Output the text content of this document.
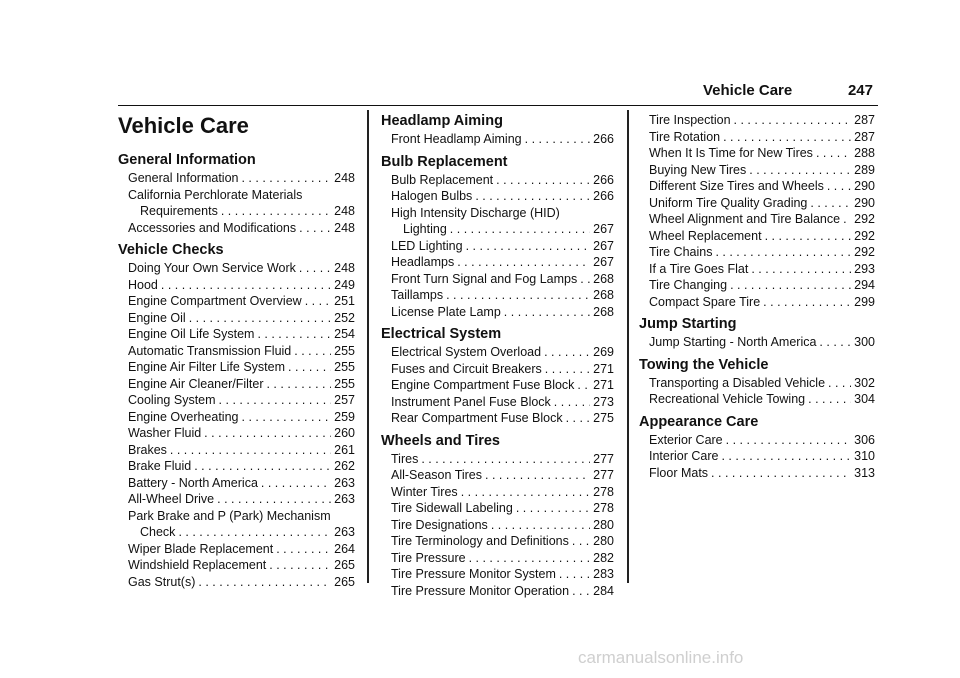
Vehicle Care	247
Vehicle Care
General Information
General Information . . .	248
California Perchlorate Materials
Requirements . . .	248
Accessories and Modifications . . .	248
Vehicle Checks
Doing Your Own Service Work . . .	248
Hood . . .	249
Engine Compartment Overview . . .	251
Engine Oil . . .	252
Engine Oil Life System . . .	254
Automatic Transmission Fluid . . .	255
Engine Air Filter Life System . . .	255
Engine Air Cleaner/Filter . . .	255
Cooling System . . .	257
Engine Overheating . . .	259
Washer Fluid . . .	260
Brakes . . .	261
Brake Fluid . . .	262
Battery - North America . . .	263
All-Wheel Drive . . .	263
Park Brake and P (Park) Mechanism
Check . . .	263
Wiper Blade Replacement . . .	264
Windshield Replacement . . .	265
Gas Strut(s) . . .	265
Headlamp Aiming
Front Headlamp Aiming . . .	266
Bulb Replacement
Bulb Replacement . . .	266
Halogen Bulbs . . .	266
High Intensity Discharge (HID)
Lighting . . .	267
LED Lighting . . .	267
Headlamps . . .	267
Front Turn Signal and Fog Lamps . . . 268
Taillamps . . .	268
License Plate Lamp . . .	268
Electrical System
Electrical System Overload . . .	269
Fuses and Circuit Breakers . . .	271
Engine Compartment Fuse Block . . . 271
Instrument Panel Fuse Block . . .	273
Rear Compartment Fuse Block . . . 275
Wheels and Tires
Tires . . .	277
All-Season Tires . . .	277
Winter Tires . . .	278
Tire Sidewall Labeling . . .	278
Tire Designations . . .	280
Tire Terminology and Definitions . . . 280
Tire Pressure . . .	282
Tire Pressure Monitor System . . .	283
Tire Pressure Monitor Operation . . . 284
Tire Inspection . . .	287
Tire Rotation . . .	287
When It Is Time for New Tires . . .	288
Buying New Tires . . .	289
Different Size Tires and Wheels . . . 290
Uniform Tire Quality Grading . . .	290
Wheel Alignment and Tire Balance . . . 292
Wheel Replacement . . .	292
Tire Chains . . .	292
If a Tire Goes Flat . . .	293
Tire Changing . . .	294
Compact Spare Tire . . .	299
Jump Starting
Jump Starting - North America . . .	300
Towing the Vehicle
Transporting a Disabled Vehicle . . . 302
Recreational Vehicle Towing . . .	304
Appearance Care
Exterior Care . . .	306
Interior Care . . .	310
Floor Mats . . .	313
carmanualsonline.info
